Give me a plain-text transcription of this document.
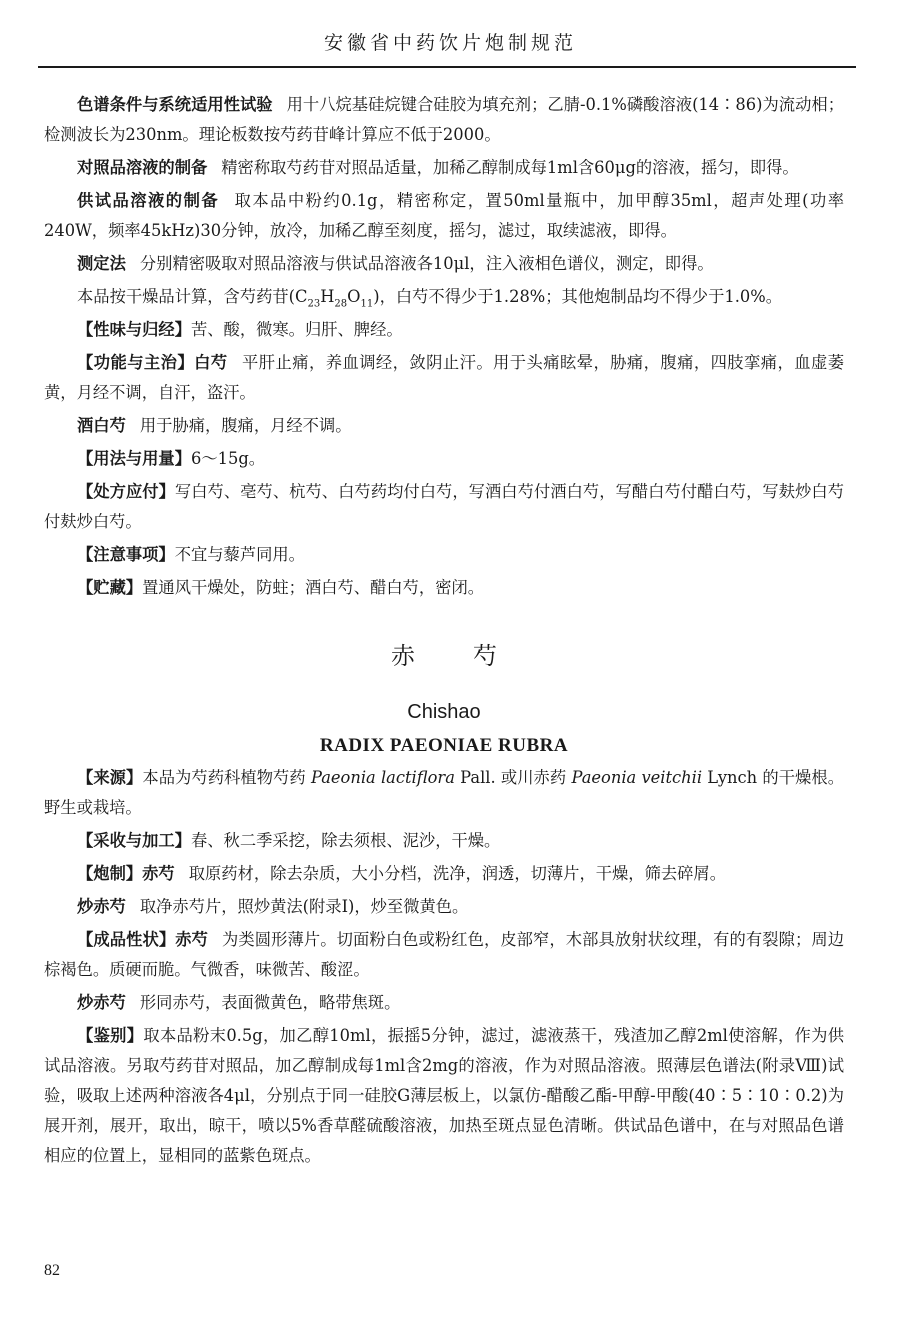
安徽省中药饮片炮制规范

色谱条件与系统适用性试验 用十八烷基硅烷键合硅胶为填充剂；乙腈-0.1%磷酸溶液(14∶86)为流动相；检测波长为230nm。理论板数按芍药苷峰计算应不低于2000。

对照品溶液的制备 精密称取芍药苷对照品适量，加稀乙醇制成每1ml含60μg的溶液，摇匀，即得。

供试品溶液的制备 取本品中粉约0.1g，精密称定，置50ml量瓶中，加甲醇35ml，超声处理(功率240W，频率45kHz)30分钟，放冷，加稀乙醇至刻度，摇匀，滤过，取续滤液，即得。

测定法 分别精密吸取对照品溶液与供试品溶液各10μl，注入液相色谱仪，测定，即得。

本品按干燥品计算，含芍药苷$(C_{23}H_{28}O_{11})$，白芍不得少于1.28%；其他炮制品均不得少于1.0%。

【性味与归经】苦、酸，微寒。归肝、脾经。

【功能与主治】白芍 平肝止痛，养血调经，敛阴止汗。用于头痛眩晕，胁痛，腹痛，四肢挛痛，血虚萎黄，月经不调，自汗，盗汗。

酒白芍 用于胁痛，腹痛，月经不调。

【用法与用量】6～15g。

【处方应付】写白芍、亳芍、杭芍、白芍药均付白芍，写酒白芍付酒白芍，写醋白芍付醋白芍，写麸炒白芍付麸炒白芍。

【注意事项】不宜与藜芦同用。

【贮藏】置通风干燥处，防蛀；酒白芍、醋白芍，密闭。

赤芍
Chishao
RADIX PAEONIAE RUBRA

【来源】本品为芍药科植物芍药 Paeonia lactiflora Pall. 或川赤药 Paeonia veitchii Lynch 的干燥根。野生或栽培。

【采收与加工】春、秋二季采挖，除去须根、泥沙，干燥。

【炮制】赤芍 取原药材，除去杂质，大小分档，洗净，润透，切薄片，干燥，筛去碎屑。

炒赤芍 取净赤芍片，照炒黄法(附录Ⅰ)，炒至微黄色。

【成品性状】赤芍 为类圆形薄片。切面粉白色或粉红色，皮部窄，木部具放射状纹理，有的有裂隙；周边棕褐色。质硬而脆。气微香，味微苦、酸涩。

炒赤芍 形同赤芍，表面微黄色，略带焦斑。

【鉴别】取本品粉末0.5g，加乙醇10ml，振摇5分钟，滤过，滤液蒸干，残渣加乙醇2ml使溶解，作为供试品溶液。另取芍药苷对照品，加乙醇制成每1ml含2mg的溶液，作为对照品溶液。照薄层色谱法(附录Ⅷ)试验，吸取上述两种溶液各4μl，分别点于同一硅胶G薄层板上，以氯仿-醋酸乙酯-甲醇-甲酸(40∶5∶10∶0.2)为展开剂，展开，取出，晾干，喷以5%香草醛硫酸溶液，加热至斑点显色清晰。供试品色谱中，在与对照品色谱相应的位置上，显相同的蓝紫色斑点。

82
